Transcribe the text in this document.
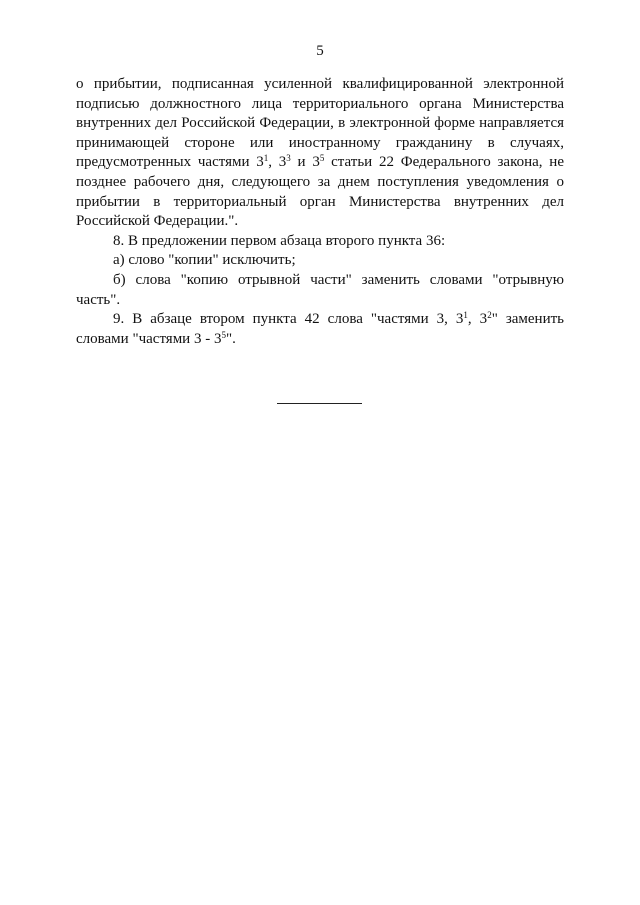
5

о прибытии, подписанная усиленной квалифицированной электронной подписью должностного лица территориального органа Министерства внутренних дел Российской Федерации, в электронной форме направляется принимающей стороне или иностранному гражданину в случаях, предусмотренных частями $3^1$, $3^3$ и $3^5$ статьи 22 Федерального закона, не позднее рабочего дня, следующего за днем поступления уведомления о прибытии в территориальный орган Министерства внутренних дел Российской Федерации.".

8. В предложении первом абзаца второго пункта 36:

а) слово "копии" исключить;

б) слова "копию отрывной части" заменить словами "отрывную часть".

9. В абзаце втором пункта 42 слова "частями 3, $3^1$, $3^2$" заменить словами "частями $3 - 3^5$".
